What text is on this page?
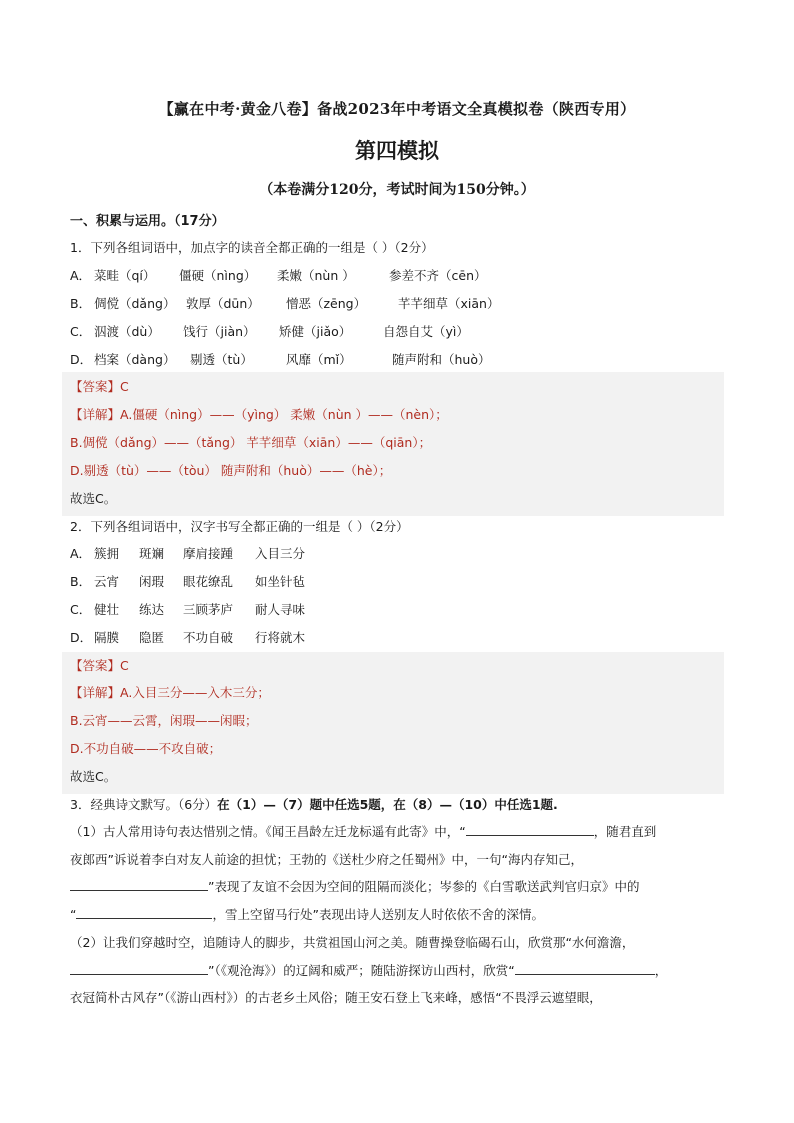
【赢在中考·黄金八卷】备战2023年中考语文全真模拟卷（陕西专用）
第四模拟
（本卷满分120分，考试时间为150分钟。）
一、积累与运用。（17分）
1．下列各组词语中，加点字的读音全都正确的一组是（ ）（2分）
A． 菜畦（qí） 僵硬（nìng） 柔嫩（nùn ）	参差不齐（cēn）
B． 倜傥（dǎng） 敦厚（dūn） 憎恶（zēng）	芊芊细草（xiān）
C． 泅渡（dù） 饯行（jiàn） 矫健（jiǎo）	自怨自艾（yì）
D． 档案（dàng） 剔透（tù）	风靡（mǐ）	随声附和（huò）
【答案】C
【详解】A.僵硬（nìng）——（yìng） 柔嫩（nùn ）——（nèn）；
B.倜傥（dǎng）——（tǎng） 芊芊细草（xiān）——（qiān）；
D.剔透（tù）——（tòu） 随声附和（huò）——（hè）；
故选C。
2．下列各组词语中，汉字书写全都正确的一组是（ ）（2分）
A． 簇拥 斑斓 摩肩接踵 入目三分
B． 云宵 闲瑕 眼花缭乱 如坐针毡
C． 健壮 练达 三顾茅庐 耐人寻味
D． 隔膜 隐匿 不功自破 行将就木
【答案】C
【详解】A.入目三分——入木三分；
B.云宵——云霄，闲瑕——闲暇；
D.不功自破——不攻自破；
故选C。
3．经典诗文默写。（6分）在（1）—（7）题中任选5题，在（8）—（10）中任选1题.
（1）古人常用诗句表达惜别之情。《闻王昌龄左迁龙标遥有此寄》中，“	，随君直到
夜郎西”诉说着李白对友人前途的担忧；王勃的《送杜少府之任蜀州》中，一句“海内存知己，
”表现了友谊不会因为空间的阻隔而淡化；岑参的《白雪歌送武判官归京》中的
“	，雪上空留马行处”表现出诗人送别友人时依依不舍的深情。
（2）让我们穿越时空，追随诗人的脚步，共赏祖国山河之美。随曹操登临碣石山，欣赏那“水何澹澹，
”（《观沧海》）的辽阔和威严；随陆游探访山西村，欣赏“	，
衣冠简朴古风存”（《游山西村》）的古老乡土风俗；随王安石登上飞来峰，感悟“不畏浮云遮望眼，
